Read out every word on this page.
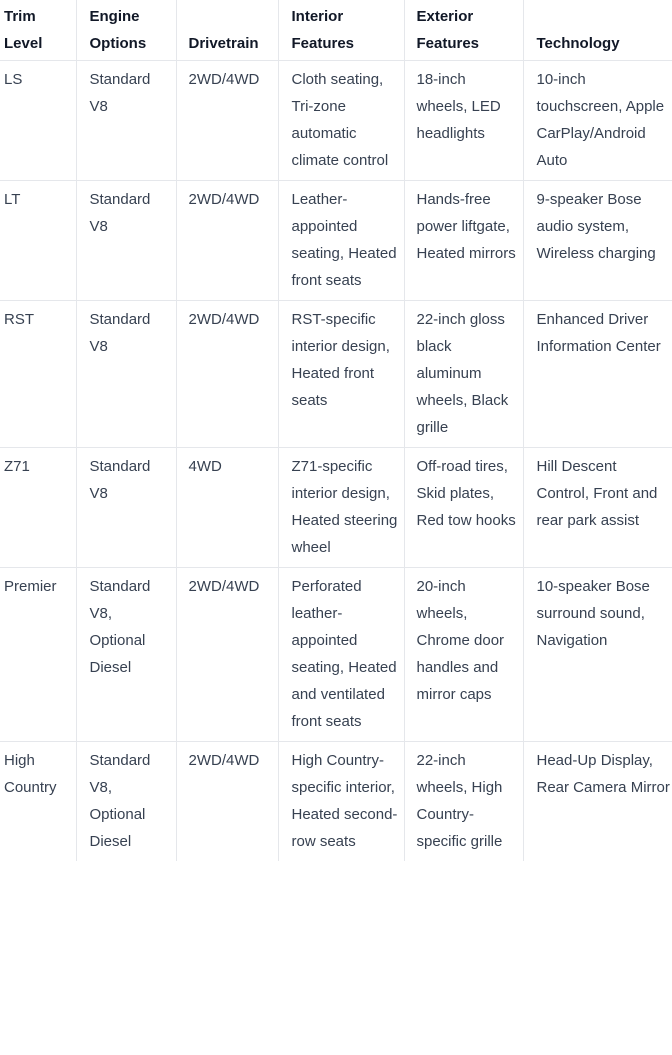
Trim Level	Engine Options	Drivetrain	Interior Features	Exterior Features	Technology
LS	Standard V8	2WD/4WD	Cloth seating, Tri-zone automatic climate control	18-inch wheels, LED headlights	10-inch touchscreen, Apple CarPlay/Android Auto
LT	Standard V8	2WD/4WD	Leather-appointed seating, Heated front seats	Hands-free power liftgate, Heated mirrors	9-speaker Bose audio system, Wireless charging
RST	Standard V8	2WD/4WD	RST-specific interior design, Heated front seats	22-inch gloss black aluminum wheels, Black grille	Enhanced Driver Information Center
Z71	Standard V8	4WD	Z71-specific interior design, Heated steering wheel	Off-road tires, Skid plates, Red tow hooks	Hill Descent Control, Front and rear park assist
Premier	Standard V8, Optional Diesel	2WD/4WD	Perforated leather-appointed seating, Heated and ventilated front seats	20-inch wheels, Chrome door handles and mirror caps	10-speaker Bose surround sound, Navigation
High Country	Standard V8, Optional Diesel	2WD/4WD	High Country-specific interior, Heated second-row seats	22-inch wheels, High Country-specific grille	Head-Up Display, Rear Camera Mirror
